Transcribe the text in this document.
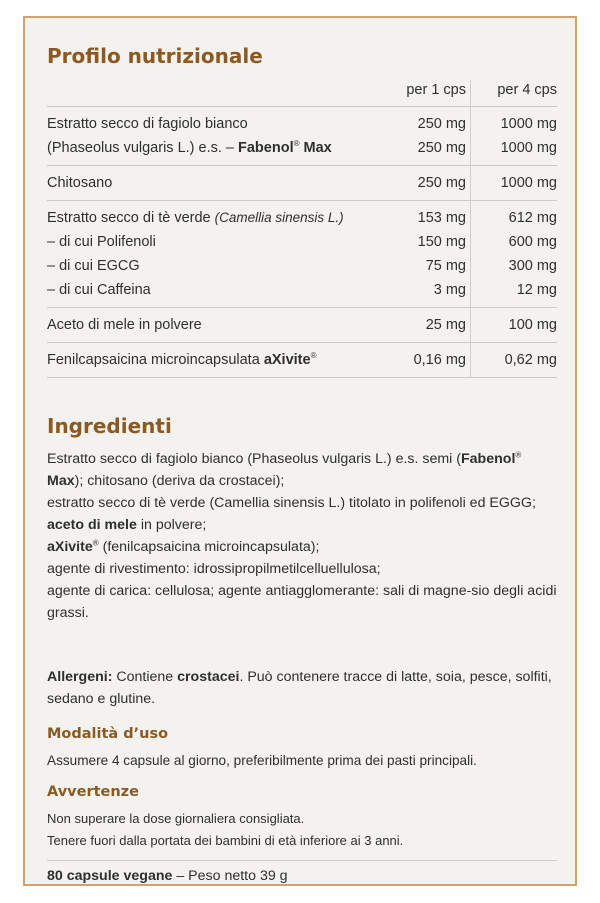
Profilo nutrizionale
	per 1 cps	per 4 cps
Estratto secco di fagiolo bianco	250 mg	1000 mg
(Phaseolus vulgaris L.) e.s. – Fabenol® Max	250 mg	1000 mg
Chitosano	250 mg	1000 mg
Estratto secco di tè verde (Camellia sinensis L.)	153 mg	612 mg
– di cui Polifenoli	150 mg	600 mg
– di cui EGCG	75 mg	300 mg
– di cui Caffeina	3 mg	12 mg
Aceto di mele in polvere	25 mg	100 mg
Fenilcapsaicina microincapsulata aXivite®	0,16 mg	0,62 mg
Ingredienti

Estratto secco di fagiolo bianco (Phaseolus vulgaris L.) e.s. semi (Fabenol® Max); chitosano (deriva da crostacei);

estratto secco di tè verde (Camellia sinensis L.) titolato in polifenoli ed EGGG;

aceto di mele in polvere;

aXivite® (fenilcapsaicina microincapsulata);

agente di rivestimento: idrossipropilmetilcelluellulosa;

agente di carica: cellulosa; agente antiagglomerante: sali di magne-sio degli acidi grassi.

Allergeni: Contiene crostacei. Può contenere tracce di latte, soia, pesce, solfiti, sedano e glutine.

Modalità d’uso
Assumere 4 capsule al giorno, preferibilmente prima dei pasti principali.
Avvertenze

Non superare la dose giornaliera consigliata.

Tenere fuori dalla portata dei bambini di età inferiore ai 3 anni.

80 capsule vegane – Peso netto 39 g
